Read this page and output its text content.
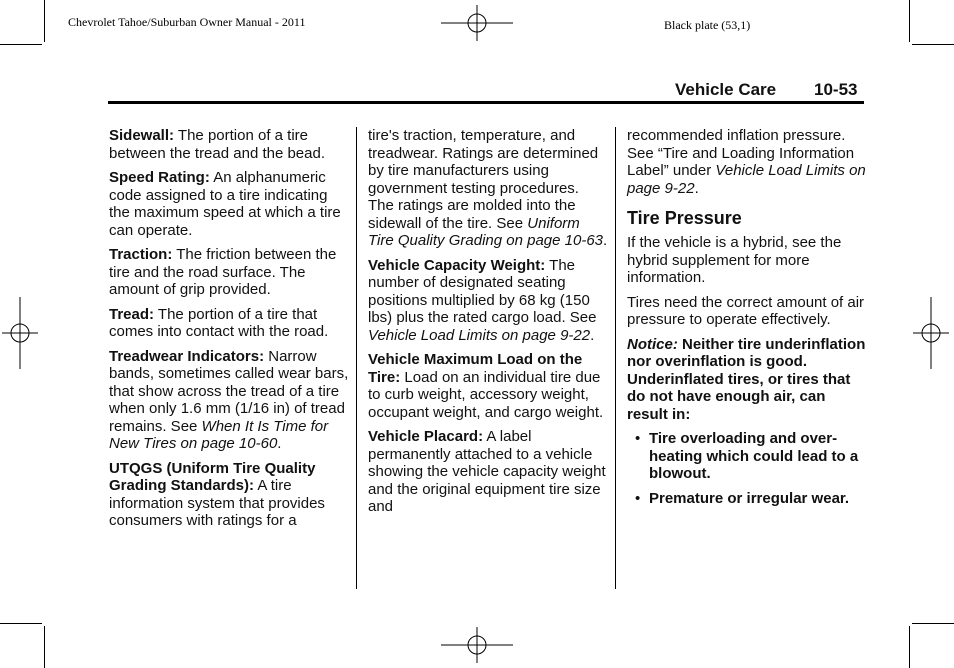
Chevrolet Tahoe/Suburban Owner Manual - 2011	Black plate (53,1)
Vehicle Care 10-53

Sidewall: The portion of a tire between the tread and the bead.

Speed Rating: An alphanumeric code assigned to a tire indicating the maximum speed at which a tire can operate.

Traction: The friction between the tire and the road surface. The amount of grip provided.

Tread: The portion of a tire that comes into contact with the road.

Treadwear Indicators: Narrow bands, sometimes called wear bars, that show across the tread of a tire when only 1.6 mm (1/16 in) of tread remains. See When It Is Time for New Tires on page 10-60.

UTQGS (Uniform Tire Quality Grading Standards): A tire information system that provides consumers with ratings for a

tire's traction, temperature, and treadwear. Ratings are determined by tire manufacturers using government testing procedures. The ratings are molded into the sidewall of the tire. See Uniform Tire Quality Grading on page 10-63.

Vehicle Capacity Weight: The number of designated seating positions multiplied by 68 kg (150 lbs) plus the rated cargo load. See Vehicle Load Limits on page 9-22.

Vehicle Maximum Load on the Tire: Load on an individual tire due to curb weight, accessory weight, occupant weight, and cargo weight.

Vehicle Placard: A label permanently attached to a vehicle showing the vehicle capacity weight and the original equipment tire size and

recommended inflation pressure. See “Tire and Loading Information Label” under Vehicle Load Limits on page 9-22.

Tire Pressure

If the vehicle is a hybrid, see the hybrid supplement for more information.

Tires need the correct amount of air pressure to operate effectively.

Notice: Neither tire underinflation nor overinflation is good. Underinflated tires, or tires that do not have enough air, can result in:

• Tire overloading and over-heating which could lead to a blowout.
• Premature or irregular wear.
